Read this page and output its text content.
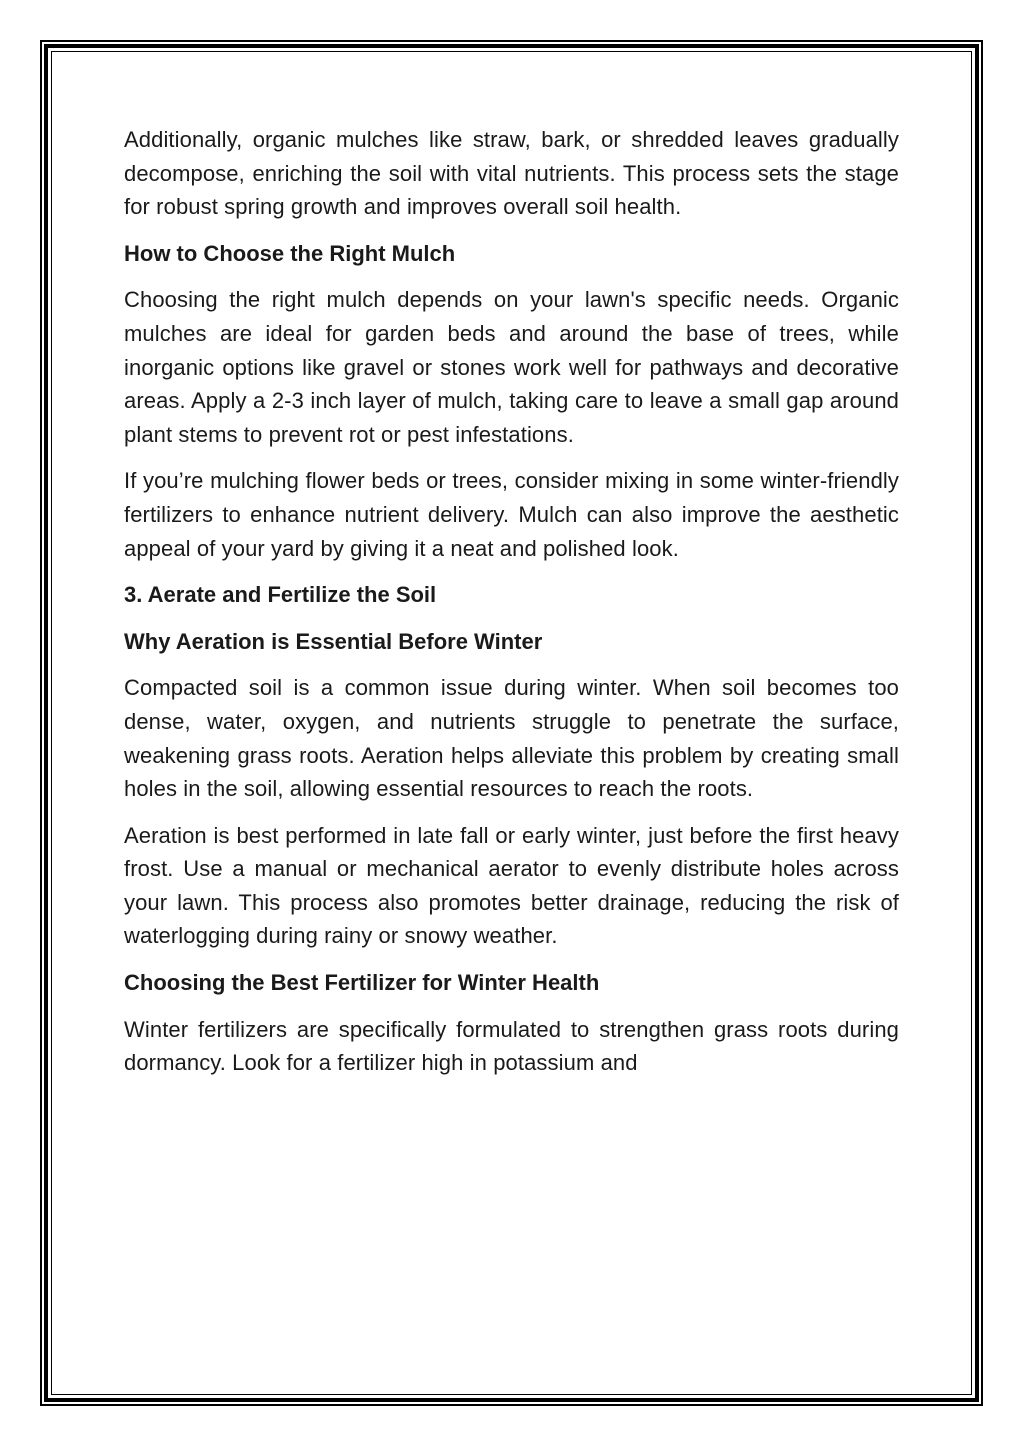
Additionally, organic mulches like straw, bark, or shredded leaves gradually decompose, enriching the soil with vital nutrients. This process sets the stage for robust spring growth and improves overall soil health.

How to Choose the Right Mulch

Choosing the right mulch depends on your lawn's specific needs. Organic mulches are ideal for garden beds and around the base of trees, while inorganic options like gravel or stones work well for pathways and decorative areas. Apply a 2-3 inch layer of mulch, taking care to leave a small gap around plant stems to prevent rot or pest infestations.

If you’re mulching flower beds or trees, consider mixing in some winter-friendly fertilizers to enhance nutrient delivery. Mulch can also improve the aesthetic appeal of your yard by giving it a neat and polished look.

3. Aerate and Fertilize the Soil
Why Aeration is Essential Before Winter

Compacted soil is a common issue during winter. When soil becomes too dense, water, oxygen, and nutrients struggle to penetrate the surface, weakening grass roots. Aeration helps alleviate this problem by creating small holes in the soil, allowing essential resources to reach the roots.

Aeration is best performed in late fall or early winter, just before the first heavy frost. Use a manual or mechanical aerator to evenly distribute holes across your lawn. This process also promotes better drainage, reducing the risk of waterlogging during rainy or snowy weather.

Choosing the Best Fertilizer for Winter Health

Winter fertilizers are specifically formulated to strengthen grass roots during dormancy. Look for a fertilizer high in potassium and
